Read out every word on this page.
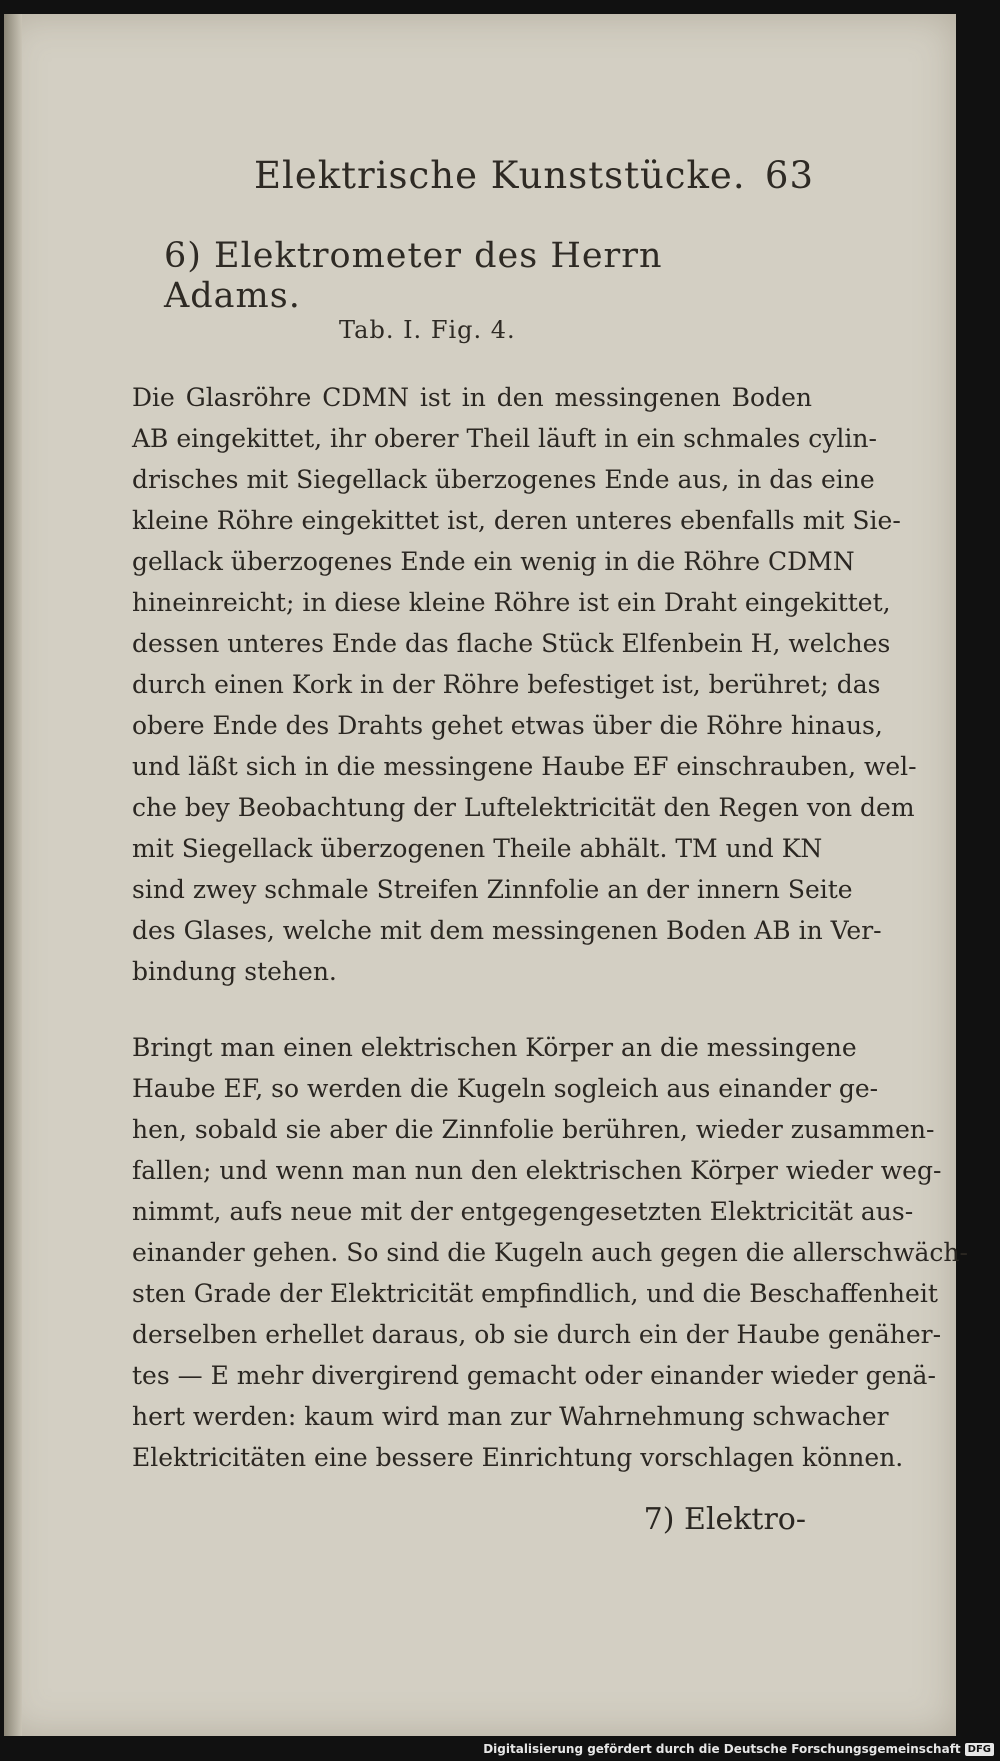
Elektrische Kunststücke. 63
6) Elektrometer des Herrn Adams.
Tab. I. Fig. 4.
Die Glasröhre CDMN ist in den messingenen Boden
AB eingekittet, ihr oberer Theil läuft in ein schmales cylin-
drisches mit Siegellack überzogenes Ende aus, in das eine
kleine Röhre eingekittet ist, deren unteres ebenfalls mit Sie-
gellack überzogenes Ende ein wenig in die Röhre CDMN
hineinreicht; in diese kleine Röhre ist ein Draht eingekittet,
dessen unteres Ende das flache Stück Elfenbein H, welches
durch einen Kork in der Röhre befestiget ist, berühret; das
obere Ende des Drahts gehet etwas über die Röhre hinaus,
und läßt sich in die messingene Haube EF einschrauben, wel-
che bey Beobachtung der Luftelektricität den Regen von dem
mit Siegellack überzogenen Theile abhält. TM und KN
sind zwey schmale Streifen Zinnfolie an der innern Seite
des Glases, welche mit dem messingenen Boden AB in Ver-
bindung stehen.
Bringt man einen elektrischen Körper an die messingene
Haube EF, so werden die Kugeln sogleich aus einander ge-
hen, sobald sie aber die Zinnfolie berühren, wieder zusammen-
fallen; und wenn man nun den elektrischen Körper wieder weg-
nimmt, aufs neue mit der entgegengesetzten Elektricität aus-
einander gehen. So sind die Kugeln auch gegen die allerschwäch-
sten Grade der Elektricität empfindlich, und die Beschaffenheit
derselben erhellet daraus, ob sie durch ein der Haube genäher-
tes — E mehr divergirend gemacht oder einander wieder genä-
hert werden: kaum wird man zur Wahrnehmung schwacher
Elektricitäten eine bessere Einrichtung vorschlagen können.
7) Elektro-
Digitalisierung gefördert durch die Deutsche Forschungsgemeinschaft DFG
